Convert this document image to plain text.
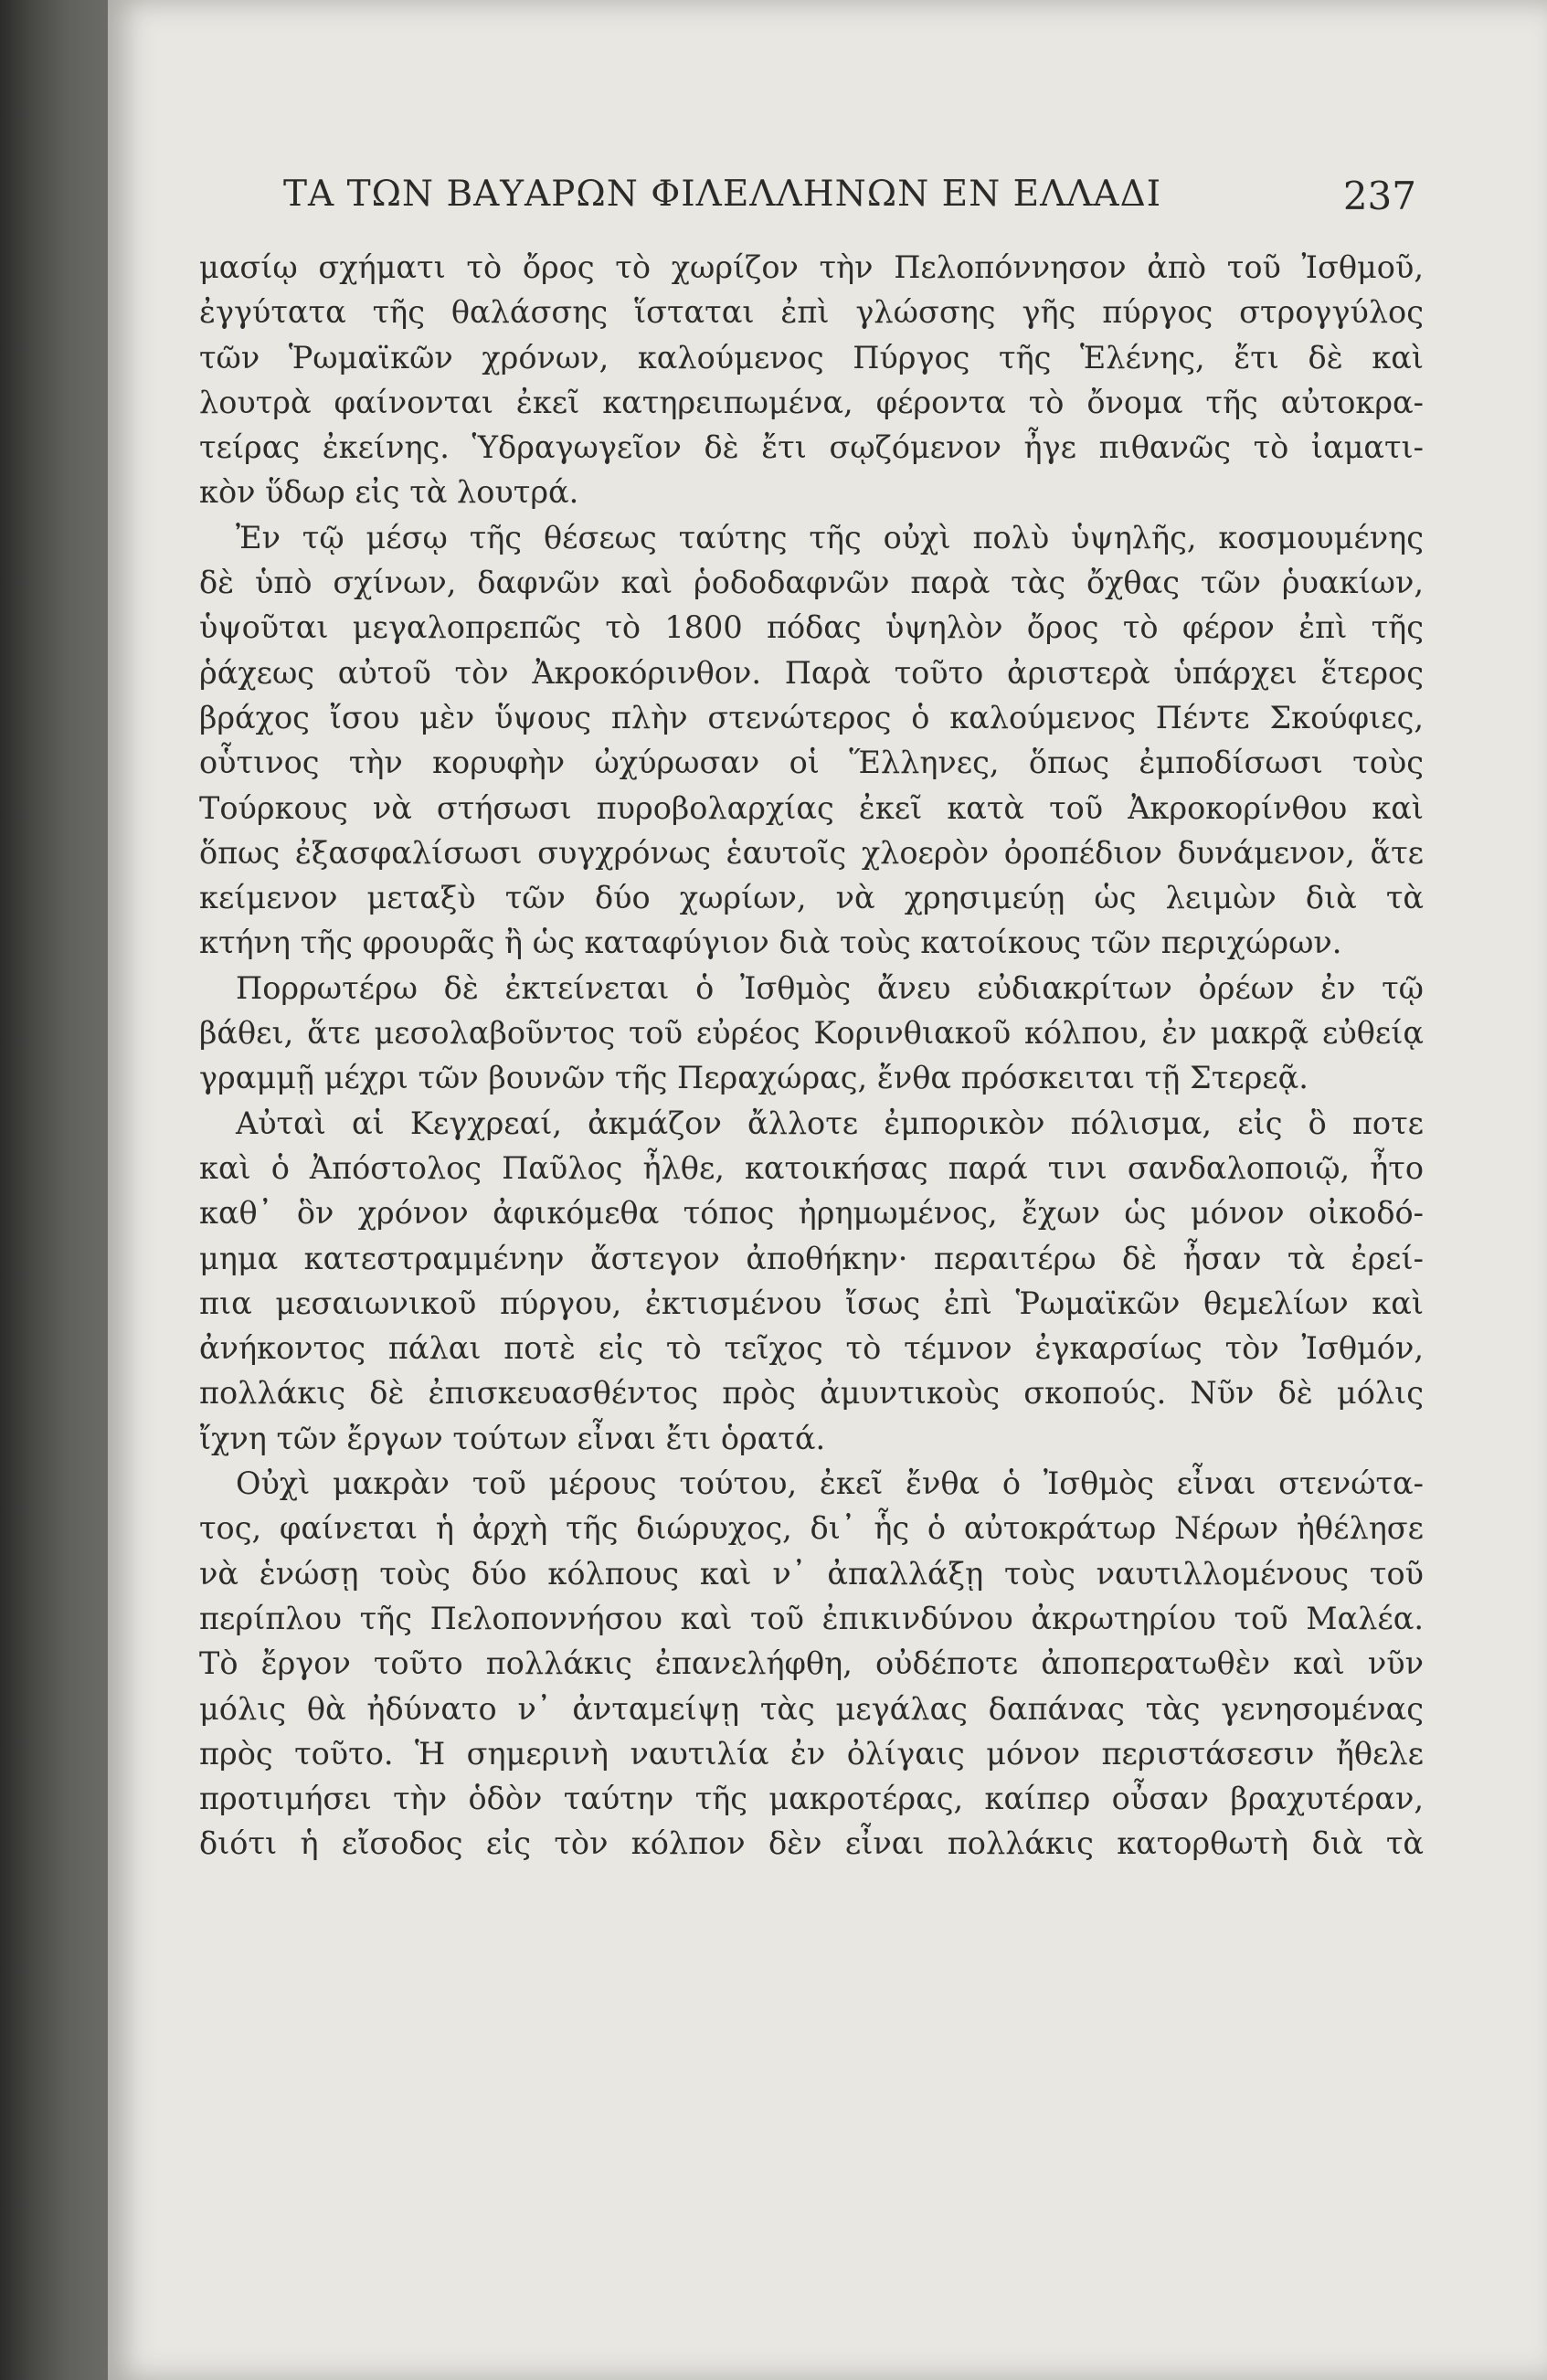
ΤΑ ΤΩΝ ΒΑΥΑΡΩΝ ΦΙΛΕΛΛΗΝΩΝ ΕΝ ΕΛΛΑΔΙ	237
μασίῳ σχήματι τὸ ὄρος τὸ χωρίζον τὴν Πελοπόννησον ἀπὸ τοῦ Ἰσθμοῦ,
ἐγγύτατα τῆς θαλάσσης ἵσταται ἐπὶ γλώσσης γῆς πύργος στρογγύλος
τῶν Ῥωμαϊκῶν χρόνων, καλούμενος Πύργος τῆς Ἑλένης, ἔτι δὲ καὶ
λουτρὰ φαίνονται ἐκεῖ κατηρειπωμένα, φέροντα τὸ ὄνομα τῆς αὐτοκρα-
τείρας ἐκείνης. Ὑδραγωγεῖον δὲ ἔτι σῳζόμενον ἦγε πιθανῶς τὸ ἰαματι-
κὸν ὕδωρ εἰς τὰ λουτρά.
Ἐν τῷ μέσῳ τῆς θέσεως ταύτης τῆς οὐχὶ πολὺ ὑψηλῆς, κοσμουμένης
δὲ ὑπὸ σχίνων, δαφνῶν καὶ ῥοδοδαφνῶν παρὰ τὰς ὄχθας τῶν ῥυακίων,
ὑψοῦται μεγαλοπρεπῶς τὸ 1800 πόδας ὑψηλὸν ὄρος τὸ φέρον ἐπὶ τῆς
ῥάχεως αὐτοῦ τὸν Ἀκροκόρινθον. Παρὰ τοῦτο ἀριστερὰ ὑπάρχει ἕτερος
βράχος ἴσου μὲν ὕψους πλὴν στενώτερος ὁ καλούμενος Πέντε Σκούφιες,
οὗτινος τὴν κορυφὴν ὠχύρωσαν οἱ Ἕλληνες, ὅπως ἐμποδίσωσι τοὺς
Τούρκους νὰ στήσωσι πυροβολαρχίας ἐκεῖ κατὰ τοῦ Ἀκροκορίνθου καὶ
ὅπως ἐξασφαλίσωσι συγχρόνως ἑαυτοῖς χλοερὸν ὀροπέδιον δυνάμενον, ἅτε
κείμενον μεταξὺ τῶν δύο χωρίων, νὰ χρησιμεύῃ ὡς λειμὼν διὰ τὰ
κτήνη τῆς φρουρᾶς ἢ ὡς καταφύγιον διὰ τοὺς κατοίκους τῶν περιχώρων.
Πορρωτέρω δὲ ἐκτείνεται ὁ Ἰσθμὸς ἄνευ εὐδιακρίτων ὀρέων ἐν τῷ
βάθει, ἅτε μεσολαβοῦντος τοῦ εὐρέος Κορινθιακοῦ κόλπου, ἐν μακρᾷ εὐθείᾳ
γραμμῇ μέχρι τῶν βουνῶν τῆς Περαχώρας, ἔνθα πρόσκειται τῇ Στερεᾷ.
Αὐταὶ αἱ Κεγχρεαί, ἀκμάζον ἄλλοτε ἐμπορικὸν πόλισμα, εἰς ὃ ποτε
καὶ ὁ Ἀπόστολος Παῦλος ἦλθε, κατοικήσας παρά τινι σανδαλοποιῷ, ἦτο
καθ᾽ ὃν χρόνον ἀφικόμεθα τόπος ἠρημωμένος, ἔχων ὡς μόνον οἰκοδό-
μημα κατεστραμμένην ἄστεγον ἀποθήκην· περαιτέρω δὲ ἦσαν τὰ ἐρεί-
πια μεσαιωνικοῦ πύργου, ἐκτισμένου ἴσως ἐπὶ Ῥωμαϊκῶν θεμελίων καὶ
ἀνήκοντος πάλαι ποτὲ εἰς τὸ τεῖχος τὸ τέμνον ἐγκαρσίως τὸν Ἰσθμόν,
πολλάκις δὲ ἐπισκευασθέντος πρὸς ἀμυντικοὺς σκοπούς. Νῦν δὲ μόλις
ἴχνη τῶν ἔργων τούτων εἶναι ἔτι ὁρατά.
Οὐχὶ μακρὰν τοῦ μέρους τούτου, ἐκεῖ ἔνθα ὁ Ἰσθμὸς εἶναι στενώτα-
τος, φαίνεται ἡ ἀρχὴ τῆς διώρυχος, δι᾽ ἧς ὁ αὐτοκράτωρ Νέρων ἠθέλησε
νὰ ἑνώσῃ τοὺς δύο κόλπους καὶ ν᾽ ἀπαλλάξῃ τοὺς ναυτιλλομένους τοῦ
περίπλου τῆς Πελοποννήσου καὶ τοῦ ἐπικινδύνου ἀκρωτηρίου τοῦ Μαλέα.
Τὸ ἔργον τοῦτο πολλάκις ἐπανελήφθη, οὐδέποτε ἀποπερατωθὲν καὶ νῦν
μόλις θὰ ἠδύνατο ν᾽ ἀνταμείψῃ τὰς μεγάλας δαπάνας τὰς γενησομένας
πρὸς τοῦτο. Ἡ σημερινὴ ναυτιλία ἐν ὀλίγαις μόνον περιστάσεσιν ἤθελε
προτιμήσει τὴν ὁδὸν ταύτην τῆς μακροτέρας, καίπερ οὖσαν βραχυτέραν,
διότι ἡ εἴσοδος εἰς τὸν κόλπον δὲν εἶναι πολλάκις κατορθωτὴ διὰ τὰ
